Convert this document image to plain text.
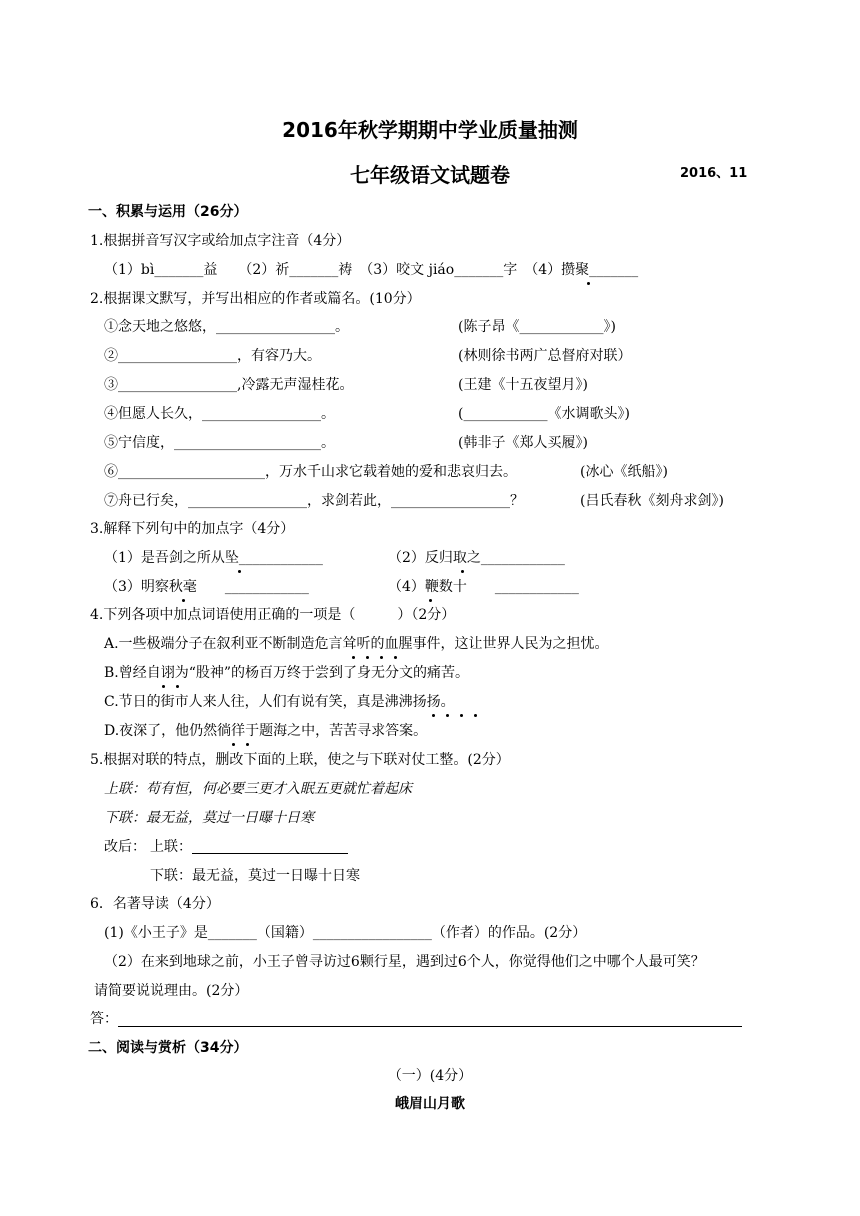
2016年秋学期期中学业质量抽测
七年级语文试题卷	2016、11
一、积累与运用（26分）
1.根据拼音写汉字或给加点字注音（4分）
（1）bì_______益　　（2）祈_______祷　（3）咬文 jiáo_______字　（4）攒聚_______
2.根据课文默写，并写出相应的作者或篇名。(10分）
①念天地之悠悠，_________________。	(陈子昂《____________》)
②_________________，有容乃大。	(林则徐书两广总督府对联）
③_________________,冷露无声湿桂花。	(王建《十五夜望月》)
④但愿人长久，_________________。	(____________《水调歌头》)
⑤宁信度，_____________________。	(韩非子《郑人买履》)
⑥_____________________，万水千山求它载着她的爱和悲哀归去。	(冰心《纸船》)
⑦舟已行矣，_________________，求剑若此，_________________？	(吕氏春秋《刻舟求剑》)
3.解释下列句中的加点字（4分）
（1）是吾剑之所从坠____________	（2）反归取之____________
（3）明察秋毫　　____________	（4）鞭数十　　____________
4.下列各项中加点词语使用正确的一项是（　　　）（2分）
A.一些极端分子在叙利亚不断制造危言耸听的血腥事件，这让世界人民为之担忧。
B.曾经自诩为“股神”的杨百万终于尝到了身无分文的痛苦。
C.节日的街市人来人往，人们有说有笑，真是沸沸扬扬。
D.夜深了，他仍然徜徉于题海之中，苦苦寻求答案。
5.根据对联的特点，删改下面的上联，使之与下联对仗工整。(2分）
上联：苟有恒，何必要三更才入眠五更就忙着起床
下联：最无益，莫过一日曝十日寒
改后： 上联：
下联：最无益，莫过一日曝十日寒
6．名著导读（4分）
(1)《小王子》是_______（国籍）_________________（作者）的作品。(2分）
（2）在来到地球之前，小王子曾寻访过6颗行星，遇到过6个人，你觉得他们之中哪个人最可笑？
请简要说说理由。(2分）
答：
二、阅读与赏析（34分）
（一）(4分）
峨眉山月歌
